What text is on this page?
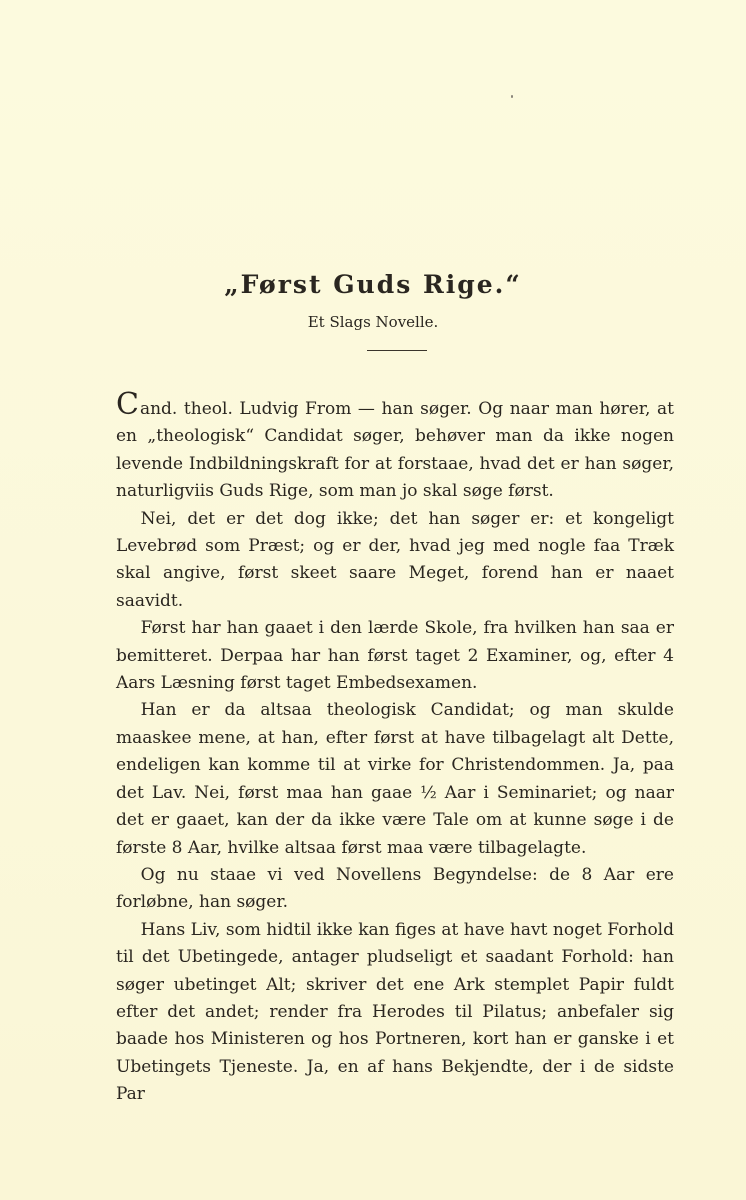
„Først Guds Rige.“
Et Slags Novelle.

Cand. theol. Ludvig From — han søger. Og naar man hører, at en „theologisk“ Candidat søger, behøver man da ikke nogen levende Indbildningskraft for at forstaae, hvad det er han søger, naturligviis Guds Rige, som man jo skal søge først.

Nei, det er det dog ikke; det han søger er: et kongeligt Levebrød som Præst; og er der, hvad jeg med nogle faa Træk skal angive, først skeet saare Meget, forend han er naaet saavidt.

Først har han gaaet i den lærde Skole, fra hvilken han saa er bemitteret. Derpaa har han først taget 2 Examiner, og, efter 4 Aars Læsning først taget Embedsexamen.

Han er da altsaa theologisk Candidat; og man skulde maaskee mene, at han, efter først at have tilbagelagt alt Dette, endeligen kan komme til at virke for Christendommen. Ja, paa det Lav. Nei, først maa han gaae ½ Aar i Seminariet; og naar det er gaaet, kan der da ikke være Tale om at kunne søge i de første 8 Aar, hvilke altsaa først maa være tilbagelagte.

Og nu staae vi ved Novellens Begyndelse: de 8 Aar ere forløbne, han søger.

Hans Liv, som hidtil ikke kan figes at have havt noget Forhold til det Ubetingede, antager pludseligt et saadant Forhold: han søger ubetinget Alt; skriver det ene Ark stemplet Papir fuldt efter det andet; render fra Herodes til Pilatus; anbefaler sig baade hos Ministeren og hos Portneren, kort han er ganske i et Ubetingets Tjeneste. Ja, en af hans Bekjendte, der i de sidste Par
